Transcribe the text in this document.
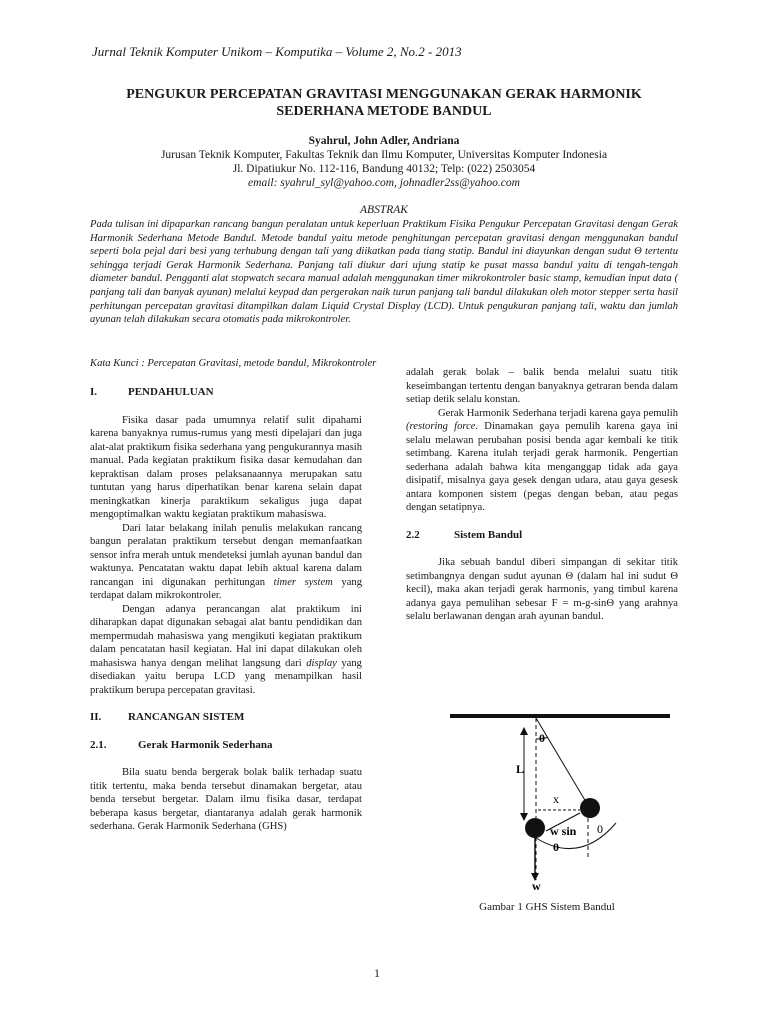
Jurnal Teknik Komputer Unikom – Komputika – Volume 2, No.2 - 2013
PENGUKUR PERCEPATAN GRAVITASI MENGGUNAKAN GERAK HARMONIK
SEDERHANA METODE BANDUL
Syahrul, John Adler, Andriana
Jurusan Teknik Komputer, Fakultas Teknik dan Ilmu Komputer, Universitas Komputer Indonesia
Jl. Dipatiukur No. 112-116, Bandung 40132; Telp: (022) 2503054
email: syahrul_syl@yahoo.com, johnadler2ss@yahoo.com
ABSTRAK
Pada tulisan ini dipaparkan rancang bangun peralatan untuk keperluan Praktikum Fisika Pengukur Percepatan Gravitasi dengan Gerak Harmonik Sederhana Metode Bandul. Metode bandul yaitu metode penghitungan percepatan gravitasi dengan menggunakan bandul seperti bola pejal dari besi yang terhubung dengan tali yang diikatkan pada tiang statip. Bandul ini diayunkan dengan sudut Θ tertentu sehingga terjadi Gerak Harmonik Sederhana. Panjang tali diukur dari ujung statip ke pusat massa bandul yaitu di tengah-tengah diameter bandul. Pengganti alat stopwatch secara manual adalah menggunakan timer mikrokontroler basic stamp, kemudian input data ( panjang tali dan banyak ayunan) melalui keypad dan pergerakan naik turun panjang tali bandul dilakukan oleh motor stepper serta hasil perhitungan percepatan gravitasi ditampilkan dalam Liquid Crystal Display (LCD). Untuk pengukuran panjang tali, waktu dan jumlah ayunan telah dilakukan secara otomatis pada mikrokontroler.
Kata Kunci : Percepatan Gravitasi, metode bandul, Mikrokontroler
I.	PENDAHULUAN

Fisika dasar pada umumnya relatif sulit dipahami karena banyaknya rumus-rumus yang mesti dipelajari dan juga alat-alat praktikum fisika sederhana yang pengukurannya masih manual. Pada kegiatan praktikum fisika dasar kemudahan dan kepraktisan dalam proses pelaksanaannya merupakan satu tuntutan yang harus diperhatikan benar karena selain dapat meningkatkan kinerja paraktikum sekaligus juga dapat mengoptimalkan waktu kegiatan praktikum mahasiswa.

Dari latar belakang inilah penulis melakukan rancang bangun peralatan praktikum tersebut dengan memanfaatkan sensor infra merah untuk mendeteksi jumlah ayunan bandul dan waktunya. Pencatatan waktu dapat lebih aktual karena dalam rancangan ini digunakan perhitungan timer system yang terdapat dalam mikrokontroler.

Dengan adanya perancangan alat praktikum ini diharapkan dapat digunakan sebagai alat bantu pendidikan dan mempermudah mahasiswa yang mengikuti kegiatan praktikum dalam pencatatan hasil kegiatan. Hal ini dapat dilakukan oleh mahasiswa hanya dengan melihat langsung dari display yang disediakan yaitu berupa LCD yang menampilkan hasil praktikum berupa percepatan gravitasi.

II. RANCANGAN SISTEM
2.1.	Gerak Harmonik Sederhana

Bila suatu benda bergerak bolak balik terhadap suatu titik tertentu, maka benda tersebut dinamakan bergetar, atau benda tersebut bergetar. Dalam ilmu fisika dasar, terdapat beberapa kasus bergetar, diantaranya adalah gerak harmonik sederhana. Gerak Harmonik Sederhana (GHS)

adalah gerak bolak – balik benda melalui suatu titik keseimbangan tertentu dengan banyaknya getraran benda dalam setiap detik selalu konstan.

Gerak Harmonik Sederhana terjadi karena gaya pemulih (restoring force. Dinamakan gaya pemulih karena gaya ini selalu melawan perubahan posisi benda agar kembali ke titik setimbang. Karena itulah terjadi gerak harmonik. Pengertian sederhana adalah bahwa kita menganggap tidak ada gaya disipatif, misalnya gaya gesek dengan udara, atau gaya gesesk antara komponen sistem (pegas dengan beban, atau pegas dengan setatipnya.

2.2	Sistem Bandul

Jika sebuah bandul diberi simpangan di sekitar titik setimbangnya dengan sudut ayunan Θ (dalam hal ini sudut Θ kecil), maka akan terjadi gerak harmonis, yang timbul karena adanya gaya pemulihan sebesar F = m-g-sinΘ yang arahnya selalu berlawanan dengan arah ayunan bandul.

0
L
x
0
w sin
0
w
Gambar 1 GHS Sistem Bandul
1
